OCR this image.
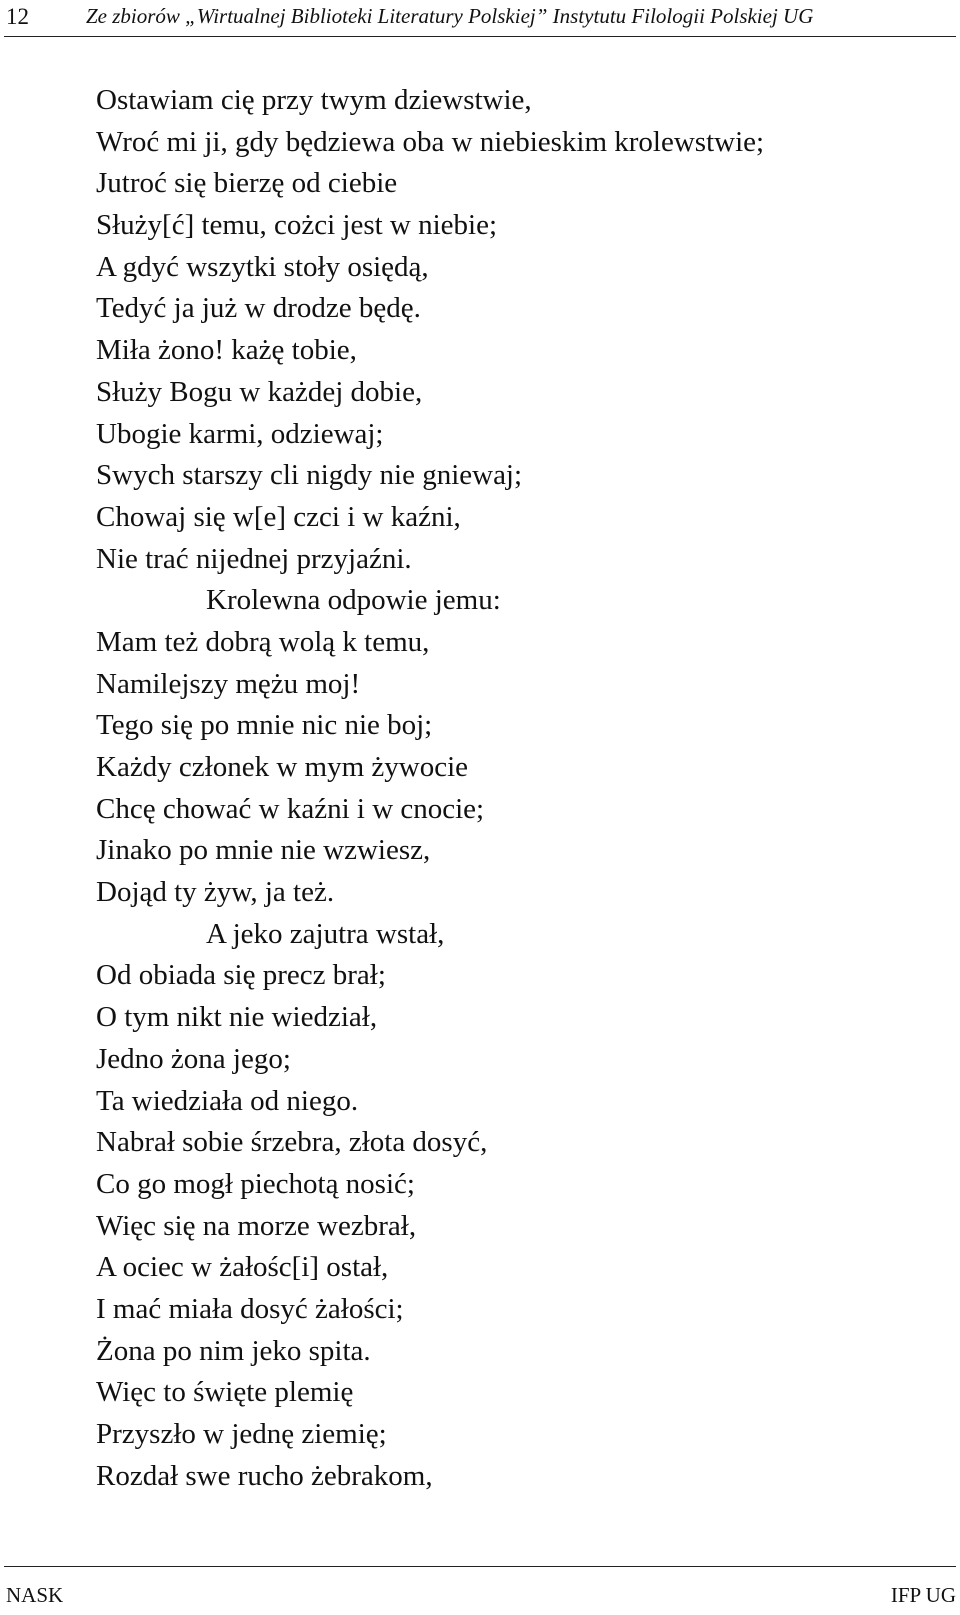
12	Ze zbiorów „Wirtualnej Biblioteki Literatury Polskiej” Instytutu Filologii Polskiej UG
Ostawiam cię przy twym dziewstwie,
Wroć mi ji, gdy będziewa oba w niebieskim krolewstwie;
Jutroć się bierzę od ciebie
Służy[ć] temu, cożci jest w niebie;
A gdyć wszytki stoły osiędą,
Tedyć ja już w drodze będę.
Miła żono! każę tobie,
Służy Bogu w każdej dobie,
Ubogie karmi, odziewaj;
Swych starszy cli nigdy nie gniewaj;
Chowaj się w[e] czci i w kaźni,
Nie trać nijednej przyjaźni.
Krolewna odpowie jemu:
Mam też dobrą wolą k temu,
Namilejszy mężu moj!
Tego się po mnie nic nie boj;
Każdy członek w mym żywocie
Chcę chować w kaźni i w cnocie;
Jinako po mnie nie wzwiesz,
Dojąd ty żyw, ja też.
A jeko zajutra wstał,
Od obiada się precz brał;
O tym nikt nie wiedział,
Jedno żona jego;
Ta wiedziała od niego.
Nabrał sobie śrzebra, złota dosyć,
Co go mogł piechotą nosić;
Więc się na morze wezbrał,
A ociec w żałośc[i] ostał,
I mać miała dosyć żałości;
Żona po nim jeko spita.
Więc to święte plemię
Przyszło w jednę ziemię;
Rozdał swe rucho żebrakom,
NASK	IFP UG
